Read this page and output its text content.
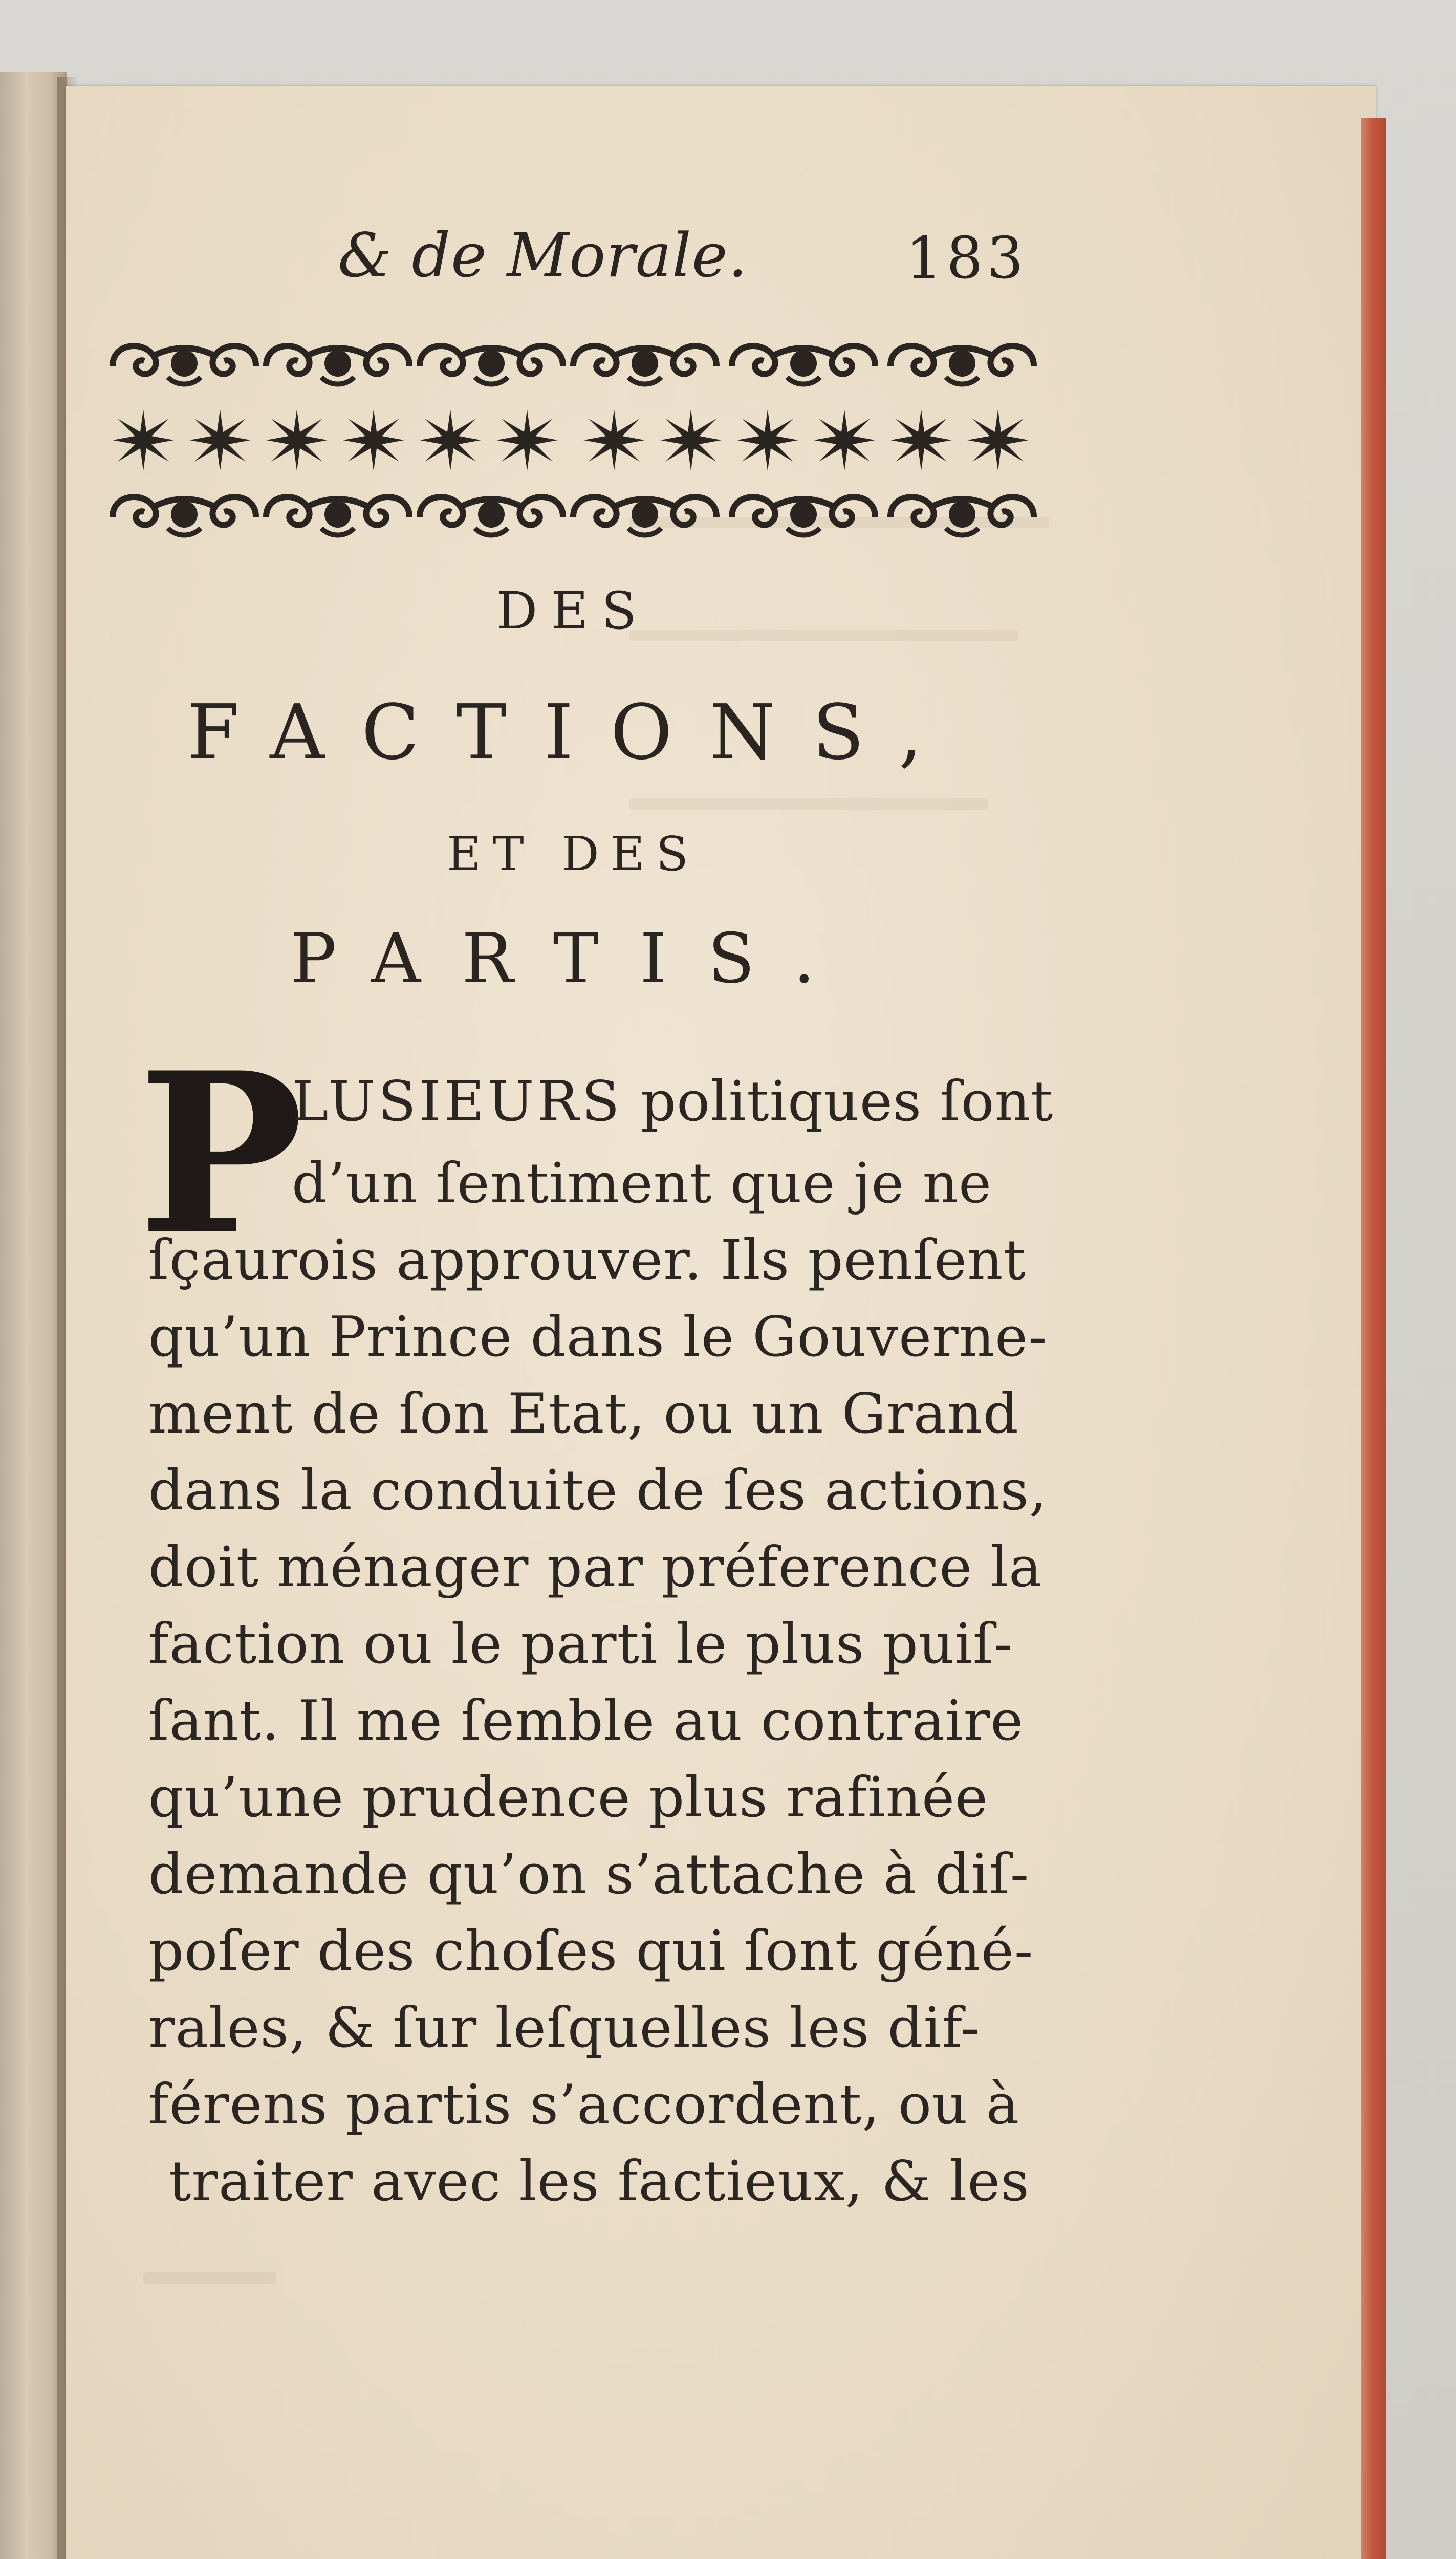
& de Morale.	183
DES
FACTIONS,
ET DES
PARTIS.
P
LUSIEURS politiques ſont
d’un ſentiment que je ne
ſçaurois approuver. Ils penſent
qu’un Prince dans le Gouverne-
ment de ſon Etat, ou un Grand
dans la conduite de ſes actions,
doit ménager par préference la
faction ou le parti le plus puiſ-
ſant. Il me ſemble au contraire
qu’une prudence plus rafinée
demande qu’on s’attache à diſ-
poſer des choſes qui ſont géné-
rales, & ſur leſquelles les dif-
férens partis s’accordent, ou à
traiter avec les factieux, & les
